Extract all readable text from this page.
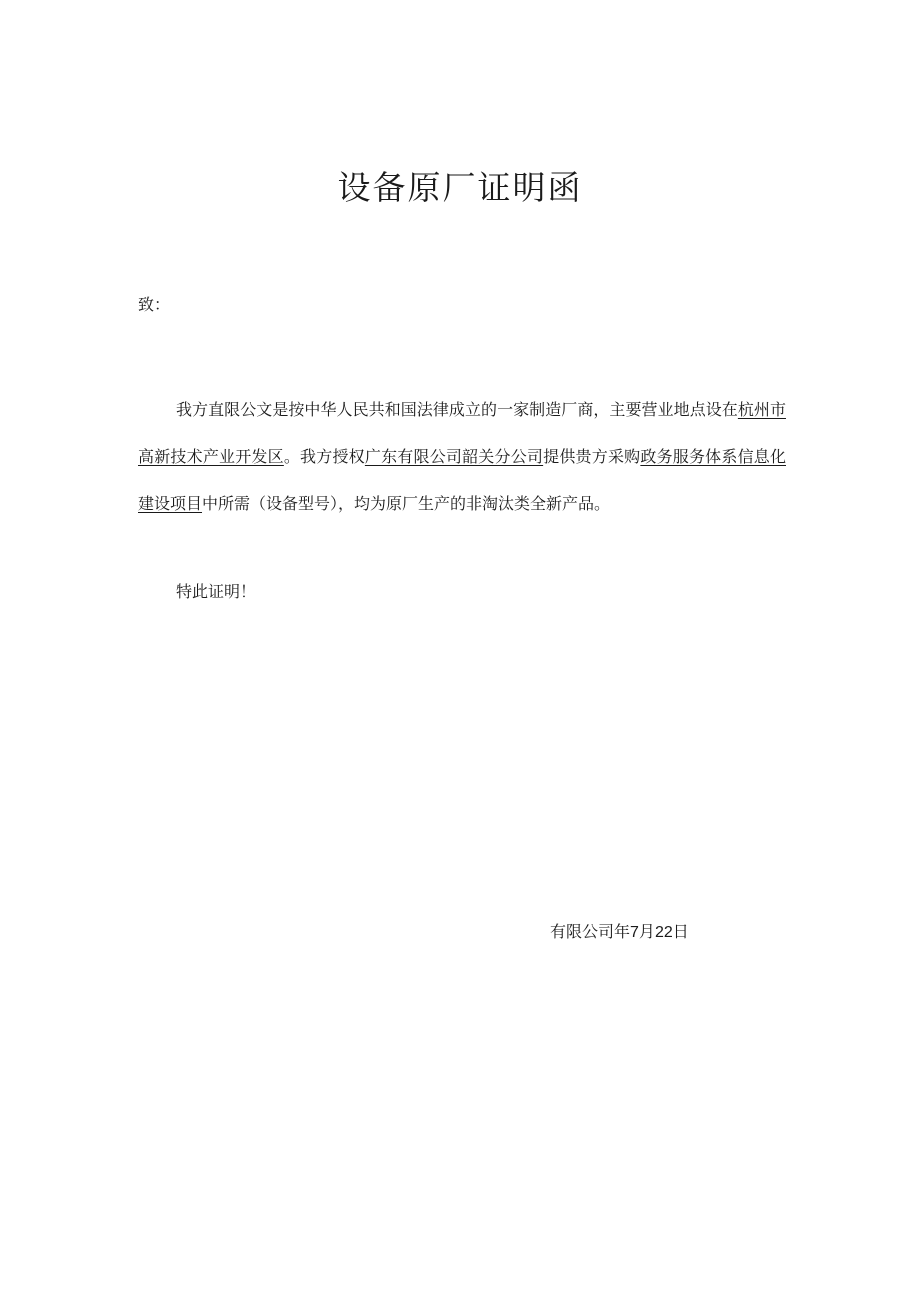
设备原厂证明函
致：
我方直限公文是按中华人民共和国法律成立的一家制造厂商，主要营业地点设在杭州市高新技术产业开发区。我方授权广东有限公司韶关分公司提供贵方采购政务服务体系信息化建设项目中所需（设备型号），均为原厂生产的非淘汰类全新产品。
特此证明！
有限公司年7月22日
